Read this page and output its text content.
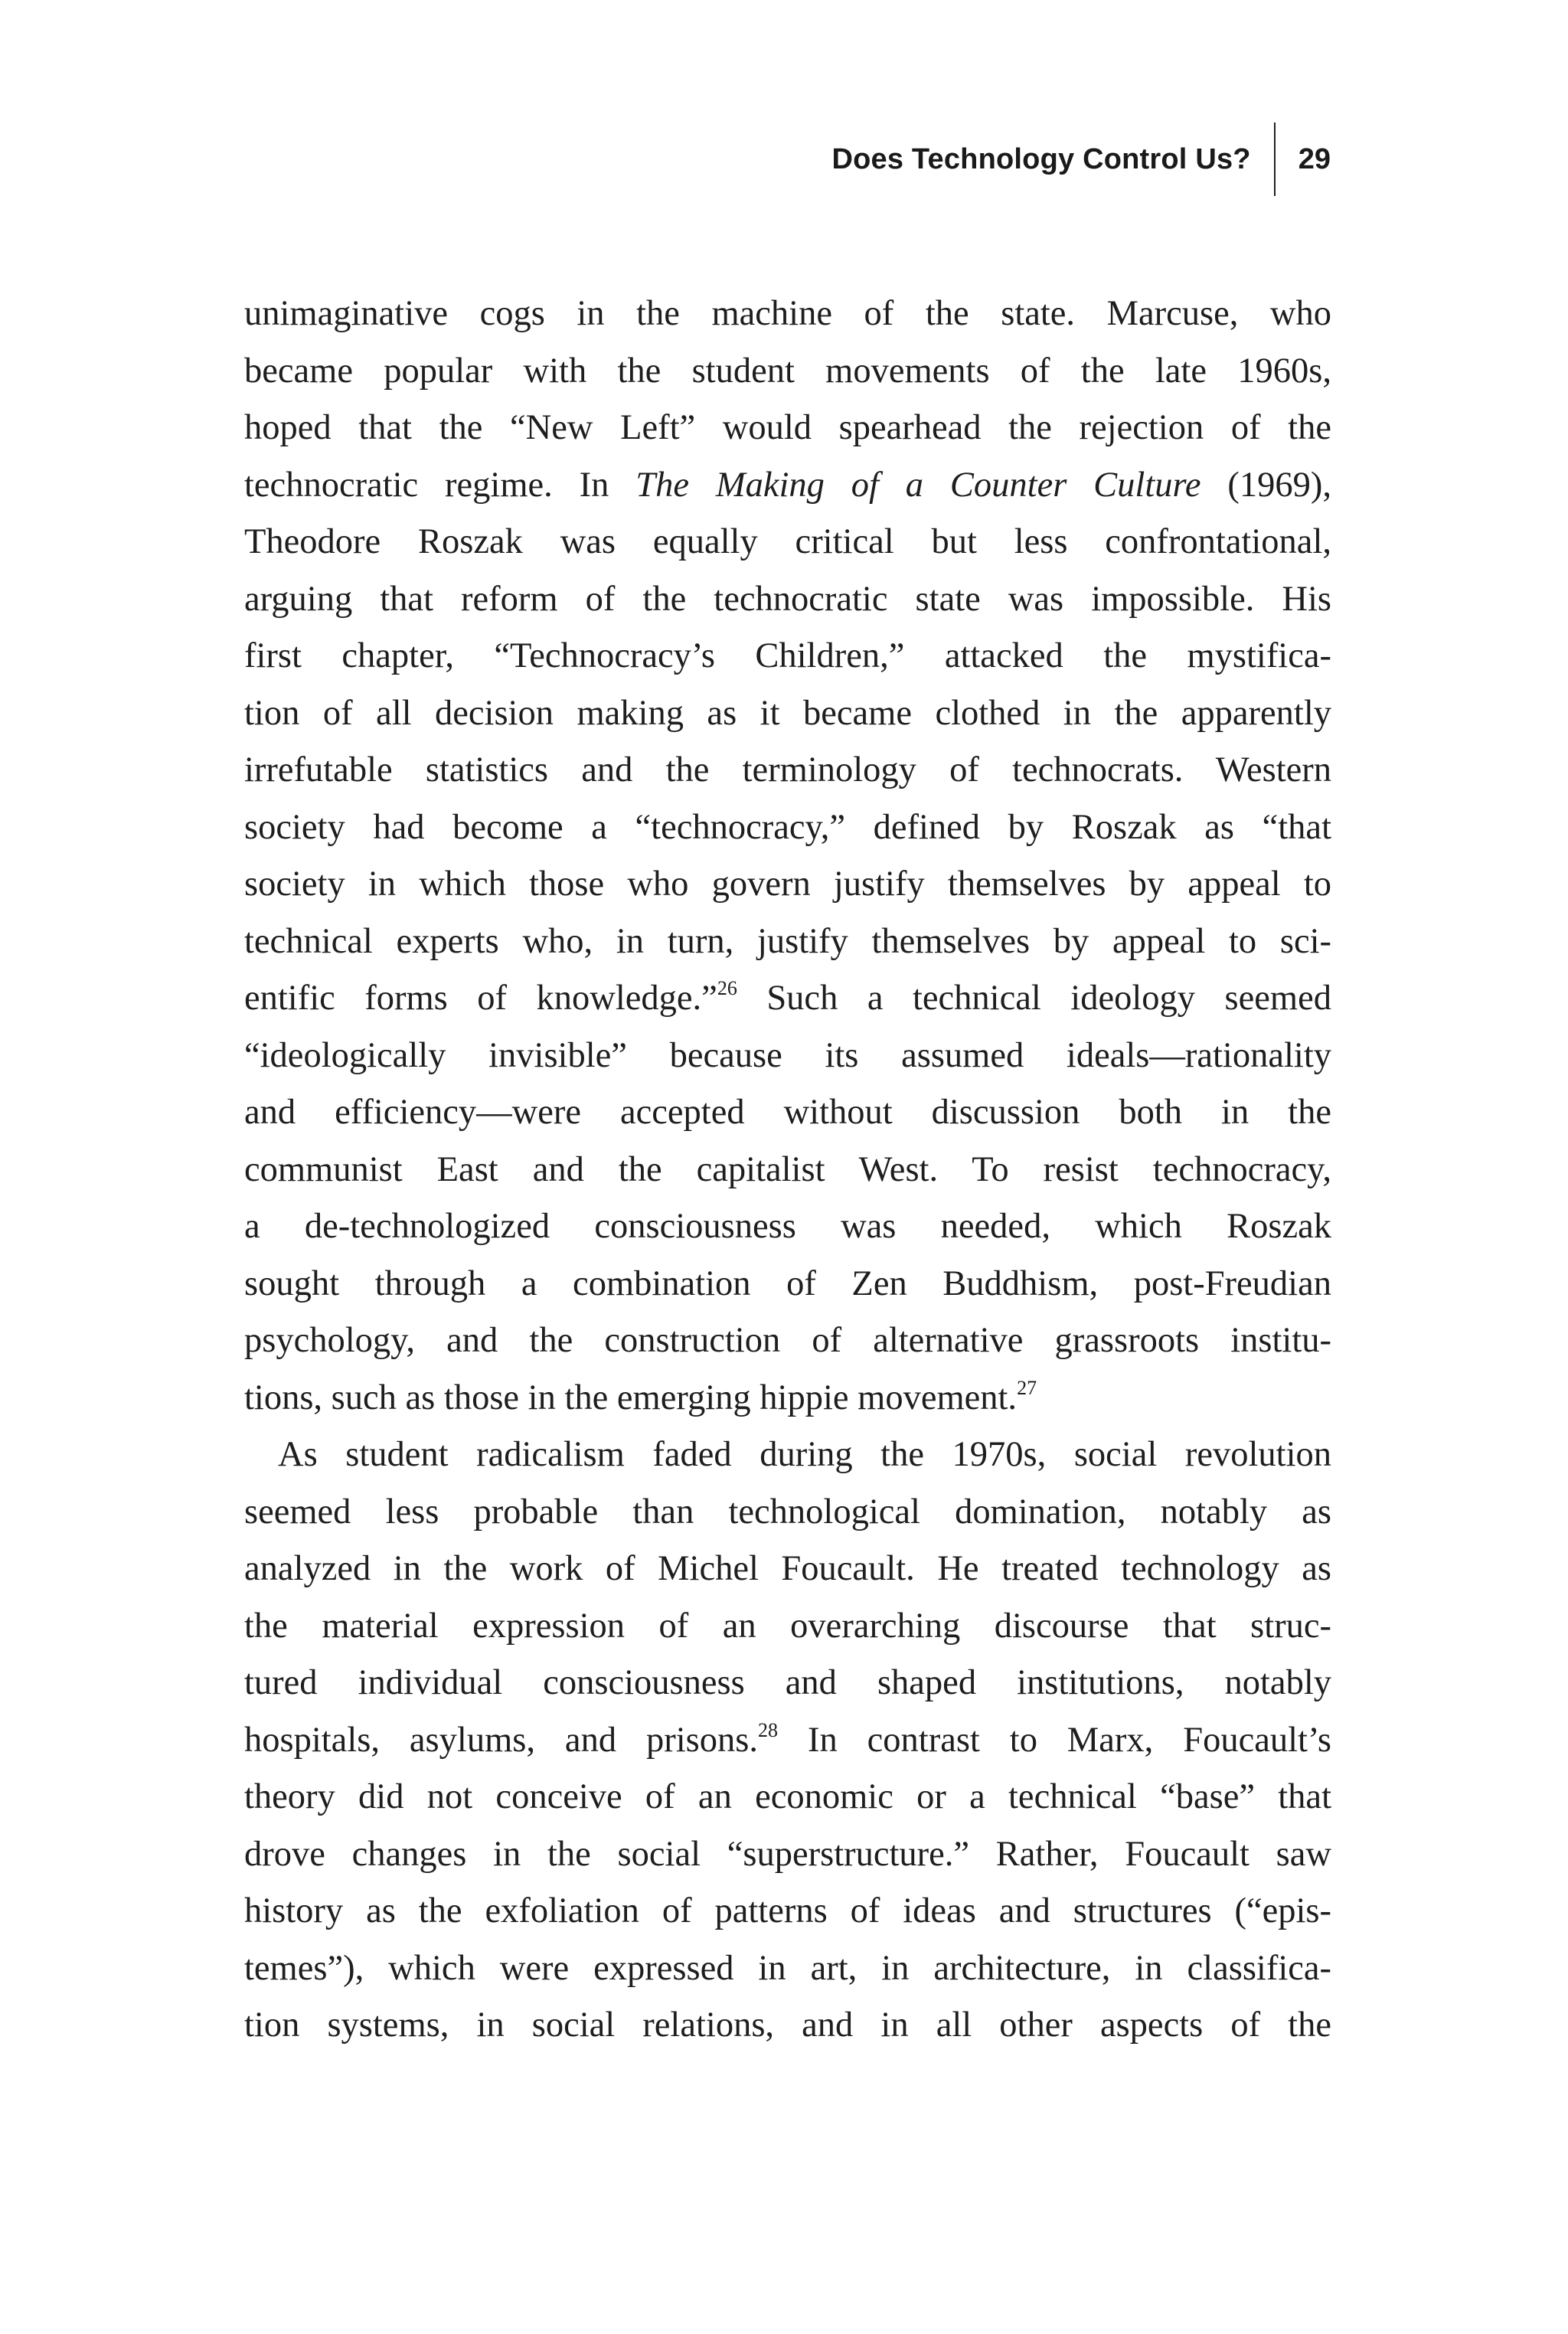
Does Technology Control Us? 29
unimaginative cogs in the machine of the state. Marcuse, who
became popular with the student movements of the late 1960s,
hoped that the “New Left” would spearhead the rejection of the
technocratic regime. In The Making of a Counter Culture (1969),
Theodore Roszak was equally critical but less confrontational,
arguing that reform of the technocratic state was impossible. His
first chapter, “Technocracy’s Children,” attacked the mystifica-
tion of all decision making as it became clothed in the apparently
irrefutable statistics and the terminology of technocrats. Western
society had become a “technocracy,” defined by Roszak as “that
society in which those who govern justify themselves by appeal to
technical experts who, in turn, justify themselves by appeal to sci-
entific forms of knowledge.”$^{26}$ Such a technical ideology seemed
“ideologically invisible” because its assumed ideals—rationality
and efficiency—were accepted without discussion both in the
communist East and the capitalist West. To resist technocracy,
a de-technologized consciousness was needed, which Roszak
sought through a combination of Zen Buddhism, post-Freudian
psychology, and the construction of alternative grassroots institu-
tions, such as those in the emerging hippie movement.$^{27}$
As student radicalism faded during the 1970s, social revolution
seemed less probable than technological domination, notably as
analyzed in the work of Michel Foucault. He treated technology as
the material expression of an overarching discourse that struc-
tured individual consciousness and shaped institutions, notably
hospitals, asylums, and prisons.$^{28}$ In contrast to Marx, Foucault’s
theory did not conceive of an economic or a technical “base” that
drove changes in the social “superstructure.” Rather, Foucault saw
history as the exfoliation of patterns of ideas and structures (“epis-
temes”), which were expressed in art, in architecture, in classifica-
tion systems, in social relations, and in all other aspects of the
